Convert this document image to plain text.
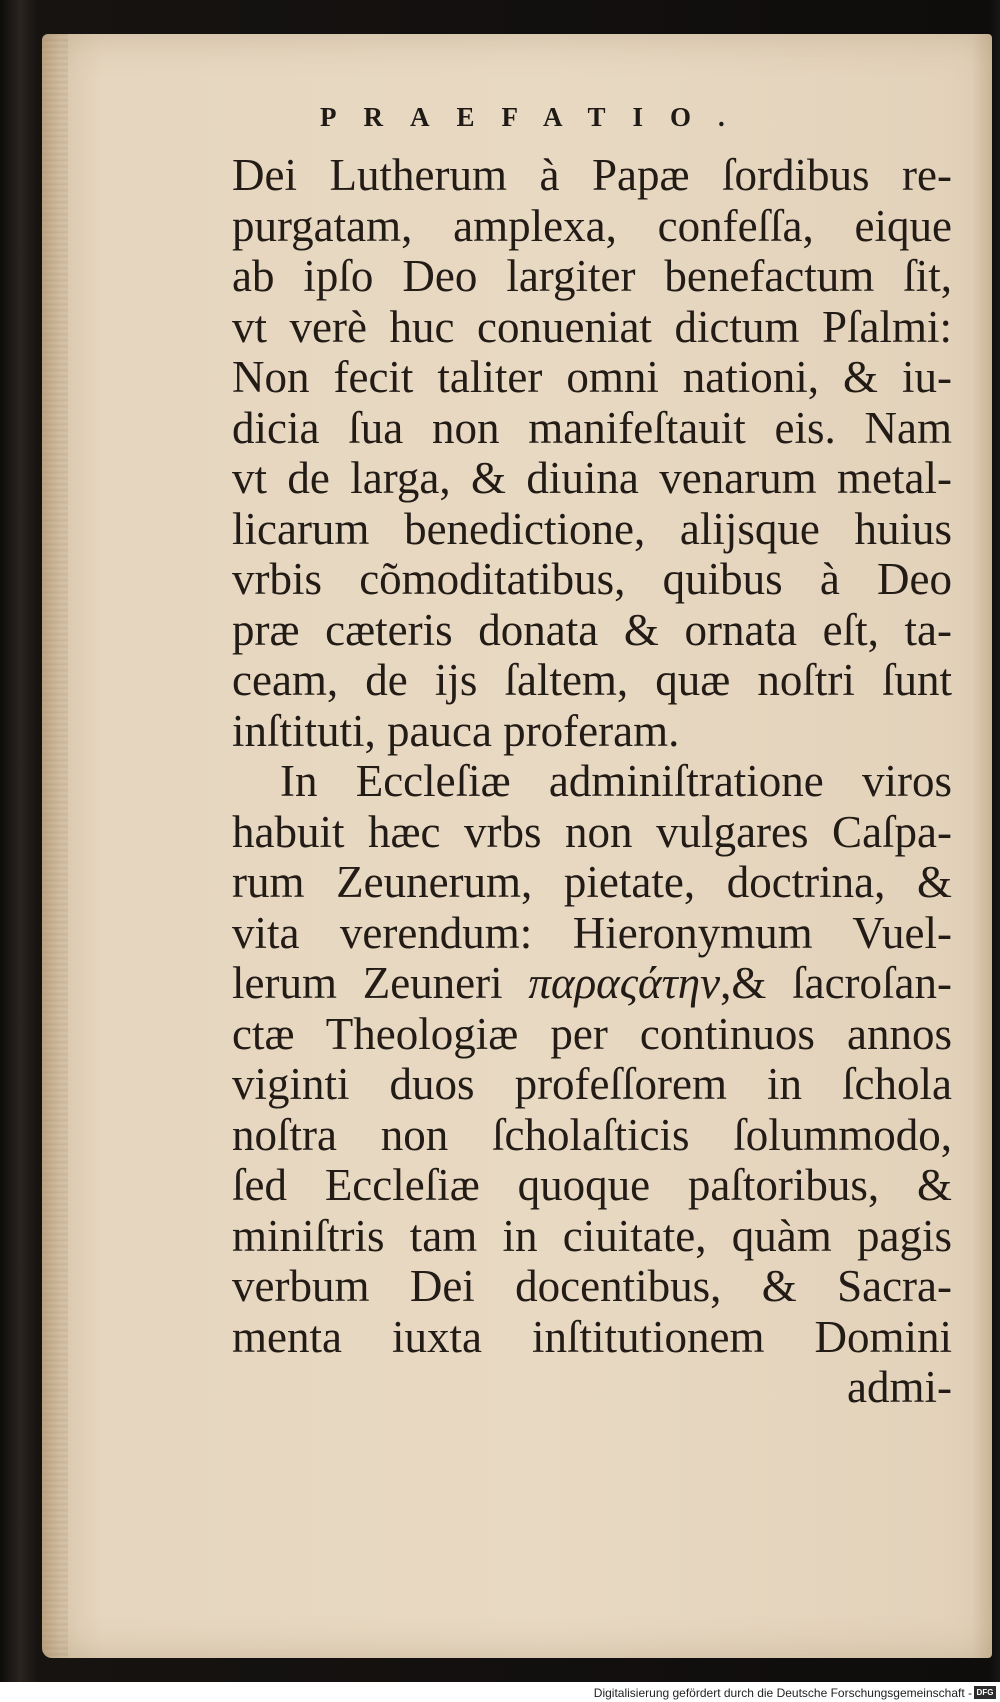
PRAEFATIO.
Dei Lutherum à Papæ ſordibus re-
purgatam, amplexa, confeſſa, eique
ab ipſo Deo largiter benefactum ſit,
vt verè huc conueniat dictum Pſalmi:
Non fecit taliter omni nationi, & iu-
dicia ſua non manifeſtauit eis. Nam
vt de larga, & diuina venarum metal-
licarum benedictione, alijsque huius
vrbis cõmoditatibus, quibus à Deo
præ cæteris donata & ornata eſt, ta-
ceam, de ijs ſaltem, quæ noſtri ſunt
inſtituti, pauca proferam.
In Eccleſiæ adminiſtratione viros
habuit hæc vrbs non vulgares Caſpa-
rum Zeunerum, pietate, doctrina, &
vita verendum: Hieronymum Vuel-
lerum Zeuneri παραςάτην,& ſacroſan-
ctæ Theologiæ per continuos annos
viginti duos profeſſorem in ſchola
noſtra non ſcholaſticis ſolummodo,
ſed Eccleſiæ quoque paſtoribus, &
miniſtris tam in ciuitate, quàm pagis
verbum Dei docentibus, & Sacra-
menta iuxta inſtitutionem Domini
admi-

Digitalisierung gefördert durch die Deutsche Forschungsgemeinschaft - DFG
